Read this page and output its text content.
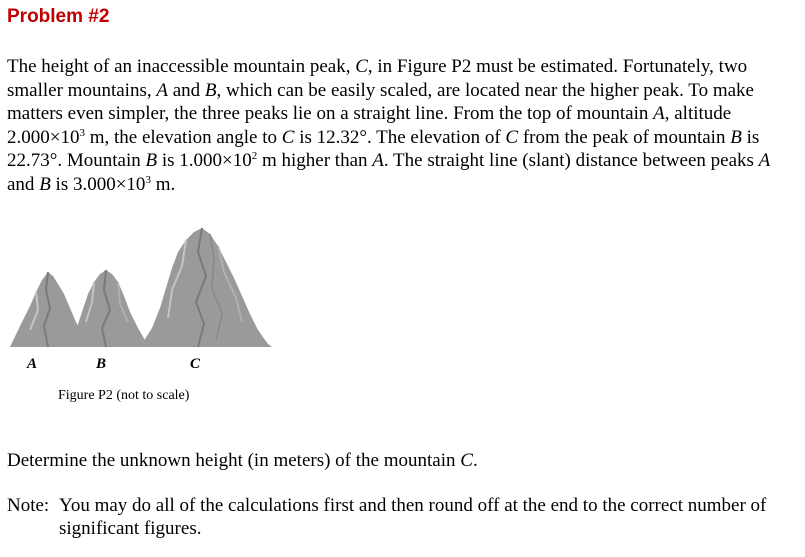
Problem #2

The height of an inaccessible mountain peak, C, in Figure P2 must be estimated. Fortunately, two smaller mountains, A and B, which can be easily scaled, are located near the higher peak. To make matters even simpler, the three peaks lie on a straight line. From the top of mountain A, altitude $2.000\times 10^3$ m, the elevation angle to C is 12.32°. The elevation of C from the peak of mountain B is 22.73°. Mountain B is $1.000\times 10^2$ m higher than A. The straight line (slant) distance between peaks A and B is $3.000\times 10^3$ m.

A	B	C
Figure P2 (not to scale)

Determine the unknown height (in meters) of the mountain C.

Note: You may do all of the calculations first and then round off at the end to the correct number of significant figures.
